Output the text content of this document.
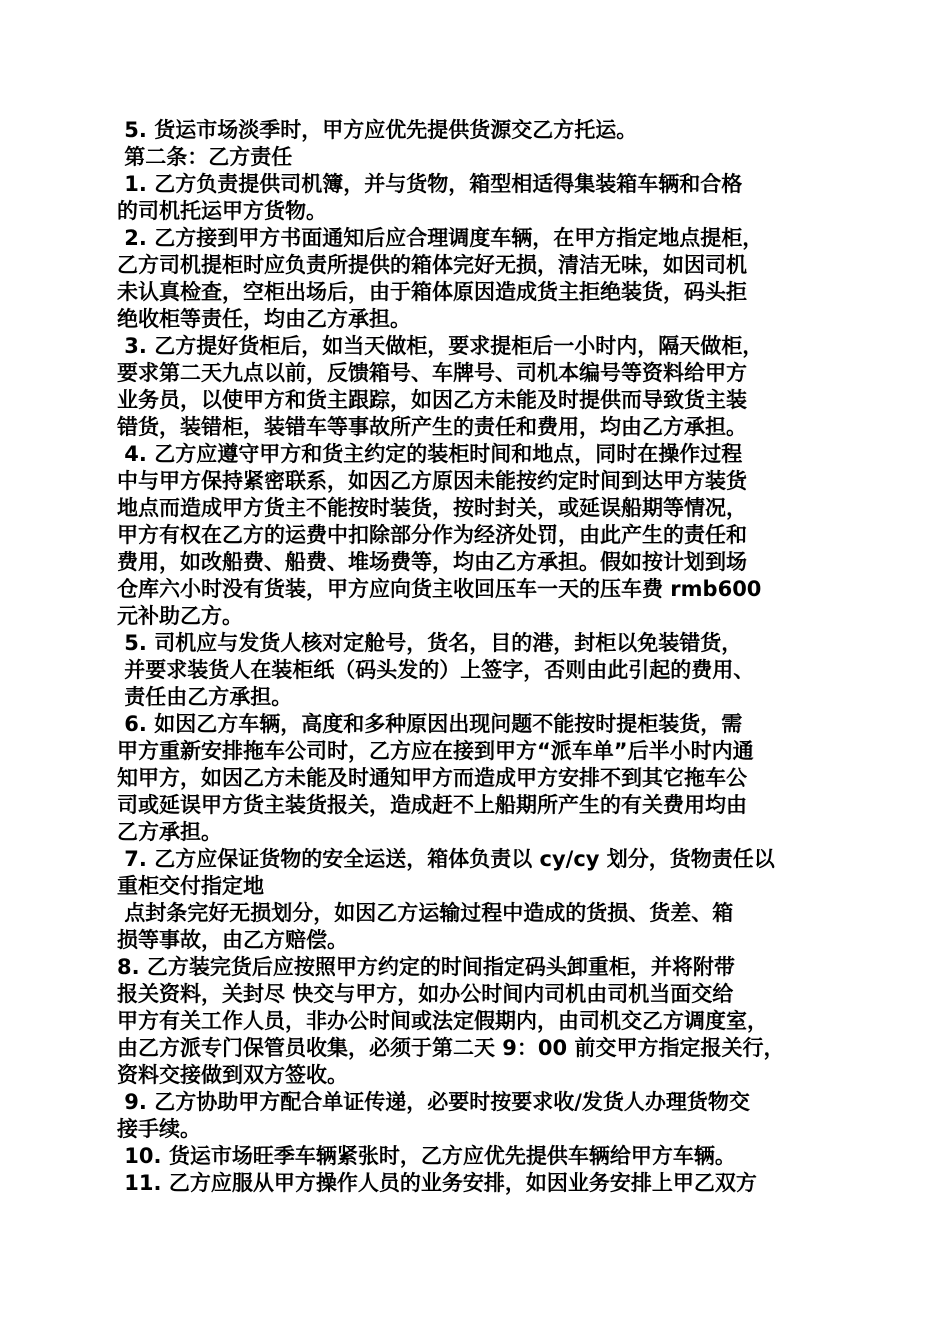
5. 货运市场淡季时，甲方应优先提供货源交乙方托运。
第二条：乙方责任
1. 乙方负责提供司机簿，并与货物，箱型相适得集装箱车辆和合格
的司机托运甲方货物。
2. 乙方接到甲方书面通知后应合理调度车辆，在甲方指定地点提柜，
乙方司机提柜时应负责所提供的箱体完好无损，清洁无味，如因司机
未认真检查，空柜出场后，由于箱体原因造成货主拒绝装货，码头拒
绝收柜等责任，均由乙方承担。
3. 乙方提好货柜后，如当天做柜，要求提柜后一小时内，隔天做柜，
要求第二天九点以前，反馈箱号、车牌号、司机本编号等资料给甲方
业务员，以使甲方和货主跟踪，如因乙方未能及时提供而导致货主装
错货，装错柜，装错车等事故所产生的责任和费用，均由乙方承担。
4. 乙方应遵守甲方和货主约定的装柜时间和地点，同时在操作过程
中与甲方保持紧密联系，如因乙方原因未能按约定时间到达甲方装货
地点而造成甲方货主不能按时装货，按时封关，或延误船期等情况，
甲方有权在乙方的运费中扣除部分作为经济处罚，由此产生的责任和
费用，如改船费、船费、堆场费等，均由乙方承担。假如按计划到场
仓库六小时没有货装，甲方应向货主收回压车一天的压车费 rmb600
元补助乙方。
5. 司机应与发货人核对定舱号，货名，目的港，封柜以免装错货，
并要求装货人在装柜纸（码头发的）上签字，否则由此引起的费用、
责任由乙方承担。
6. 如因乙方车辆，高度和多种原因出现问题不能按时提柜装货，需
甲方重新安排拖车公司时，乙方应在接到甲方“派车单”后半小时内通
知甲方，如因乙方未能及时通知甲方而造成甲方安排不到其它拖车公
司或延误甲方货主装货报关，造成赶不上船期所产生的有关费用均由
乙方承担。
7. 乙方应保证货物的安全运送，箱体负责以 cy/cy 划分，货物责任以
重柜交付指定地
点封条完好无损划分，如因乙方运输过程中造成的货损、货差、箱
损等事故，由乙方赔偿。
8. 乙方装完货后应按照甲方约定的时间指定码头卸重柜，并将附带
报关资料，关封尽 快交与甲方，如办公时间内司机由司机当面交给
甲方有关工作人员，非办公时间或法定假期内，由司机交乙方调度室，
由乙方派专门保管员收集，必须于第二天 9：00 前交甲方指定报关行，
资料交接做到双方签收。
9. 乙方协助甲方配合单证传递，必要时按要求收/发货人办理货物交
接手续。
10. 货运市场旺季车辆紧张时，乙方应优先提供车辆给甲方车辆。
11. 乙方应服从甲方操作人员的业务安排，如因业务安排上甲乙双方
